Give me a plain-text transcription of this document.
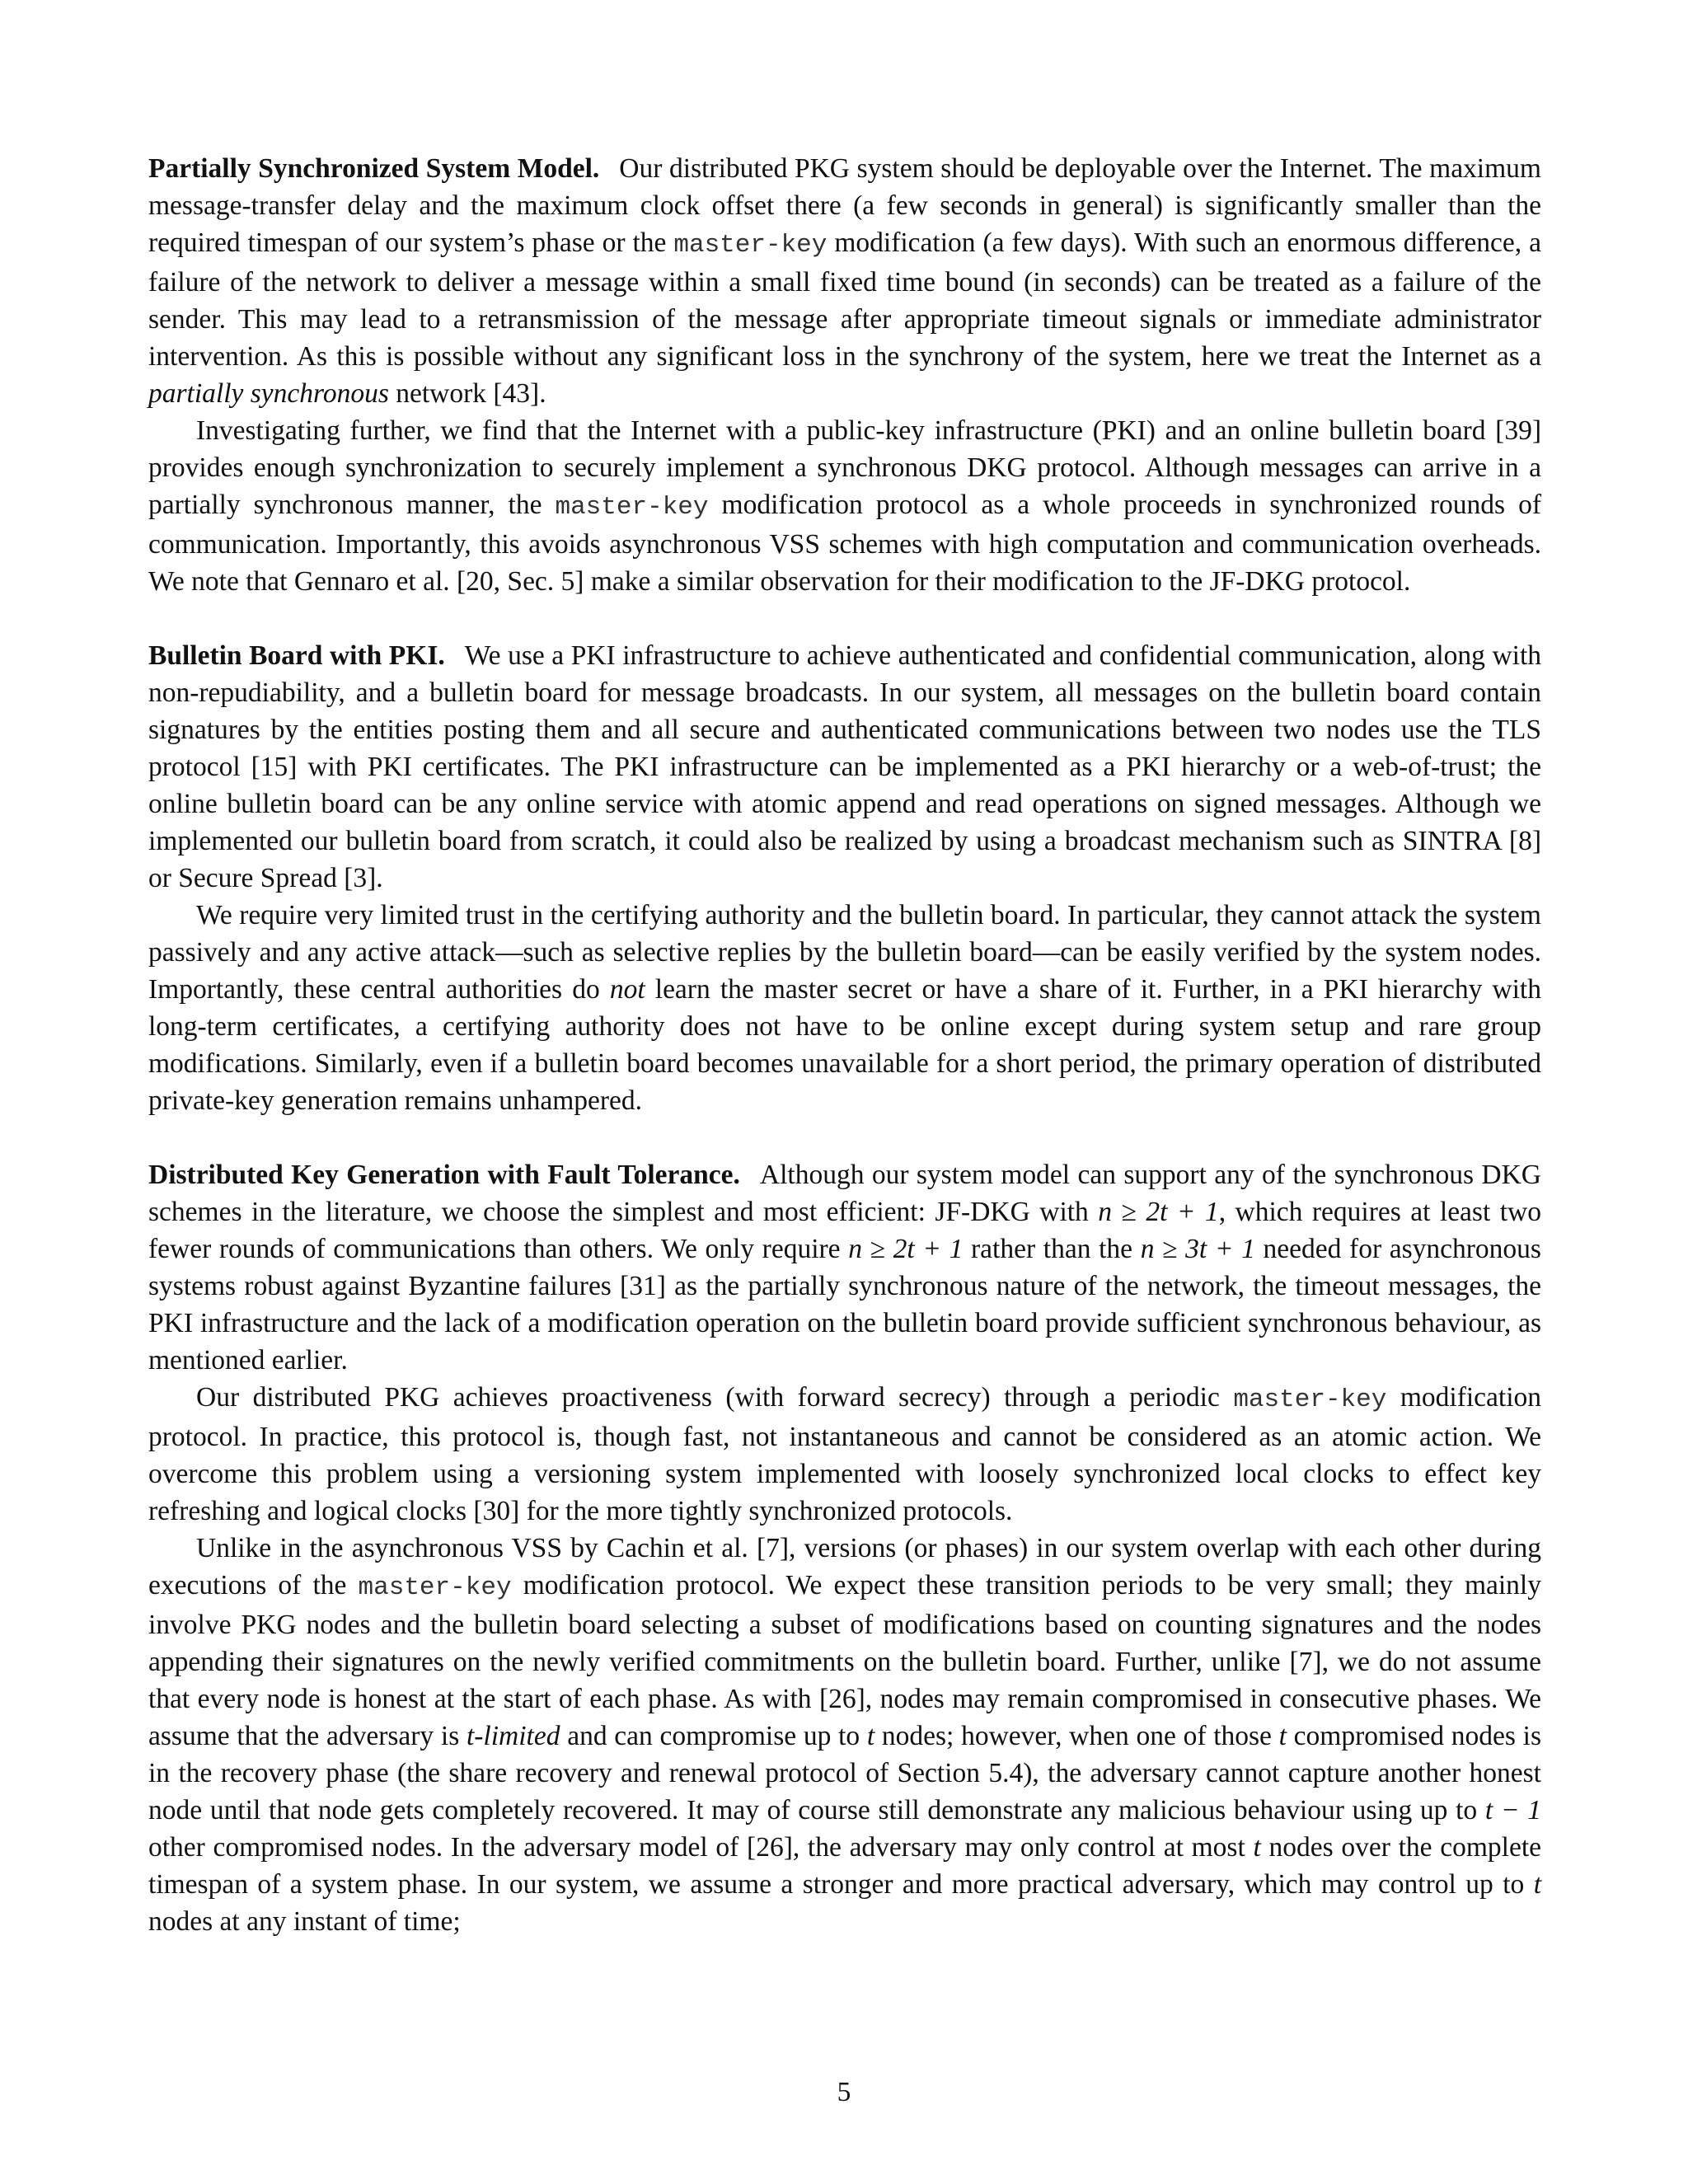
Partially Synchronized System Model. Our distributed PKG system should be deployable over the Internet. The maximum message-transfer delay and the maximum clock offset there (a few seconds in general) is significantly smaller than the required timespan of our system’s phase or the master-key modification (a few days). With such an enormous difference, a failure of the network to deliver a message within a small fixed time bound (in seconds) can be treated as a failure of the sender. This may lead to a retransmission of the message after appropriate timeout signals or immediate administrator intervention. As this is possible without any significant loss in the synchrony of the system, here we treat the Internet as a partially synchronous network [43].

Investigating further, we find that the Internet with a public-key infrastructure (PKI) and an online bulletin board [39] provides enough synchronization to securely implement a synchronous DKG protocol. Although messages can arrive in a partially synchronous manner, the master-key modification protocol as a whole proceeds in synchronized rounds of communication. Importantly, this avoids asynchronous VSS schemes with high computation and communication overheads. We note that Gennaro et al. [20, Sec. 5] make a similar observation for their modification to the JF-DKG protocol.

Bulletin Board with PKI. We use a PKI infrastructure to achieve authenticated and confidential communication, along with non-repudiability, and a bulletin board for message broadcasts. In our system, all messages on the bulletin board contain signatures by the entities posting them and all secure and authenticated communications between two nodes use the TLS protocol [15] with PKI certificates. The PKI infrastructure can be implemented as a PKI hierarchy or a web-of-trust; the online bulletin board can be any online service with atomic append and read operations on signed messages. Although we implemented our bulletin board from scratch, it could also be realized by using a broadcast mechanism such as SINTRA [8] or Secure Spread [3].

We require very limited trust in the certifying authority and the bulletin board. In particular, they cannot attack the system passively and any active attack—such as selective replies by the bulletin board—can be easily verified by the system nodes. Importantly, these central authorities do not learn the master secret or have a share of it. Further, in a PKI hierarchy with long-term certificates, a certifying authority does not have to be online except during system setup and rare group modifications. Similarly, even if a bulletin board becomes unavailable for a short period, the primary operation of distributed private-key generation remains unhampered.

Distributed Key Generation with Fault Tolerance. Although our system model can support any of the synchronous DKG schemes in the literature, we choose the simplest and most efficient: JF-DKG with n ≥ 2t + 1, which requires at least two fewer rounds of communications than others. We only require n ≥ 2t + 1 rather than the n ≥ 3t + 1 needed for asynchronous systems robust against Byzantine failures [31] as the partially synchronous nature of the network, the timeout messages, the PKI infrastructure and the lack of a modification operation on the bulletin board provide sufficient synchronous behaviour, as mentioned earlier.

Our distributed PKG achieves proactiveness (with forward secrecy) through a periodic master-key modification protocol. In practice, this protocol is, though fast, not instantaneous and cannot be considered as an atomic action. We overcome this problem using a versioning system implemented with loosely synchronized local clocks to effect key refreshing and logical clocks [30] for the more tightly synchronized protocols.

Unlike in the asynchronous VSS by Cachin et al. [7], versions (or phases) in our system overlap with each other during executions of the master-key modification protocol. We expect these transition periods to be very small; they mainly involve PKG nodes and the bulletin board selecting a subset of modifications based on counting signatures and the nodes appending their signatures on the newly verified commitments on the bulletin board. Further, unlike [7], we do not assume that every node is honest at the start of each phase. As with [26], nodes may remain compromised in consecutive phases. We assume that the adversary is t-limited and can compromise up to t nodes; however, when one of those t compromised nodes is in the recovery phase (the share recovery and renewal protocol of Section 5.4), the adversary cannot capture another honest node until that node gets completely recovered. It may of course still demonstrate any malicious behaviour using up to t − 1 other compromised nodes. In the adversary model of [26], the adversary may only control at most t nodes over the complete timespan of a system phase. In our system, we assume a stronger and more practical adversary, which may control up to t nodes at any instant of time;

5
